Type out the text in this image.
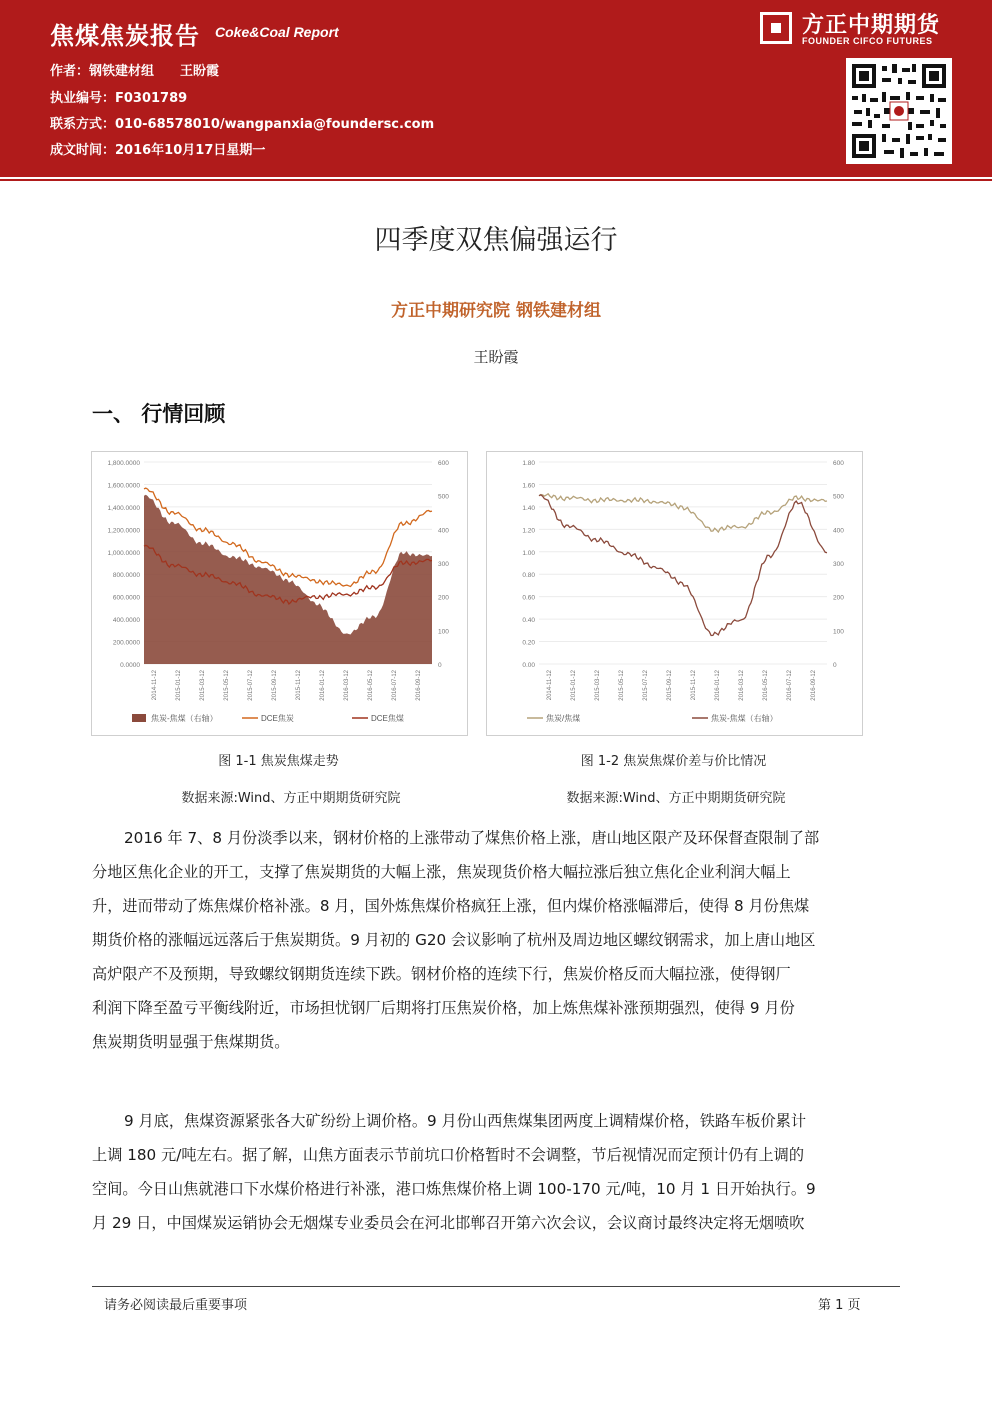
焦煤焦炭报告 Coke&Coal Report
作者：钢铁建材组　　王盼霞
执业编号：F0301789
联系方式：010-68578010/wangpanxia@foundersc.com
成文时间：2016年10月17日星期一
方正中期期货
FOUNDER CIFCO FUTURES
四季度双焦偏强运行
方正中期研究院 钢铁建材组
王盼霞
一、 行情回顾
0.0000
200.0000
400.0000
600.0000
800.0000
1,000.0000
1,200.0000
1,400.0000
1,600.0000
1,800.0000
0
100
200
300
400
500
600
2014-11-12	2015-01-12	2015-03-12	2015-05-12	2015-07-12	2015-09-12	2015-11-12	2016-01-12	2016-03-12	2016-05-12	2016-07-12	2016-09-12
焦炭-焦煤（右轴）	DCE焦炭	DCE焦煤
0.00
0.20
0.40
0.60
0.80
1.00
1.20
1.40
1.60
1.80
0
100
200
300
400
500
600
2014-11-12	2015-01-12	2015-03-12	2015-05-12	2015-07-12	2015-09-12	2015-11-12	2016-01-12	2016-03-12	2016-05-12	2016-07-12	2016-09-12
焦炭/焦煤	焦炭-焦煤（右轴）
图 1-1 焦炭焦煤走势	图 1-2 焦炭焦煤价差与价比情况
数据来源:Wind、方正中期期货研究院	数据来源:Wind、方正中期期货研究院
2016 年 7、8 月份淡季以来，钢材价格的上涨带动了煤焦价格上涨，唐山地区限产及环保督查限制了部
分地区焦化企业的开工，支撑了焦炭期货的大幅上涨，焦炭现货价格大幅拉涨后独立焦化企业利润大幅上
升，进而带动了炼焦煤价格补涨。8 月，国外炼焦煤价格疯狂上涨，但内煤价格涨幅滞后，使得 8 月份焦煤
期货价格的涨幅远远落后于焦炭期货。9 月初的 G20 会议影响了杭州及周边地区螺纹钢需求，加上唐山地区
高炉限产不及预期，导致螺纹钢期货连续下跌。钢材价格的连续下行，焦炭价格反而大幅拉涨，使得钢厂
利润下降至盈亏平衡线附近，市场担忧钢厂后期将打压焦炭价格，加上炼焦煤补涨预期强烈，使得 9 月份
焦炭期货明显强于焦煤期货。
9 月底，焦煤资源紧张各大矿纷纷上调价格。9 月份山西焦煤集团两度上调精煤价格，铁路车板价累计
上调 180 元/吨左右。据了解，山焦方面表示节前坑口价格暂时不会调整，节后视情况而定预计仍有上调的
空间。今日山焦就港口下水煤价格进行补涨，港口炼焦煤价格上调 100-170 元/吨，10 月 1 日开始执行。9
月 29 日，中国煤炭运销协会无烟煤专业委员会在河北邯郸召开第六次会议，会议商讨最终决定将无烟喷吹
请务必阅读最后重要事项	第 1 页
